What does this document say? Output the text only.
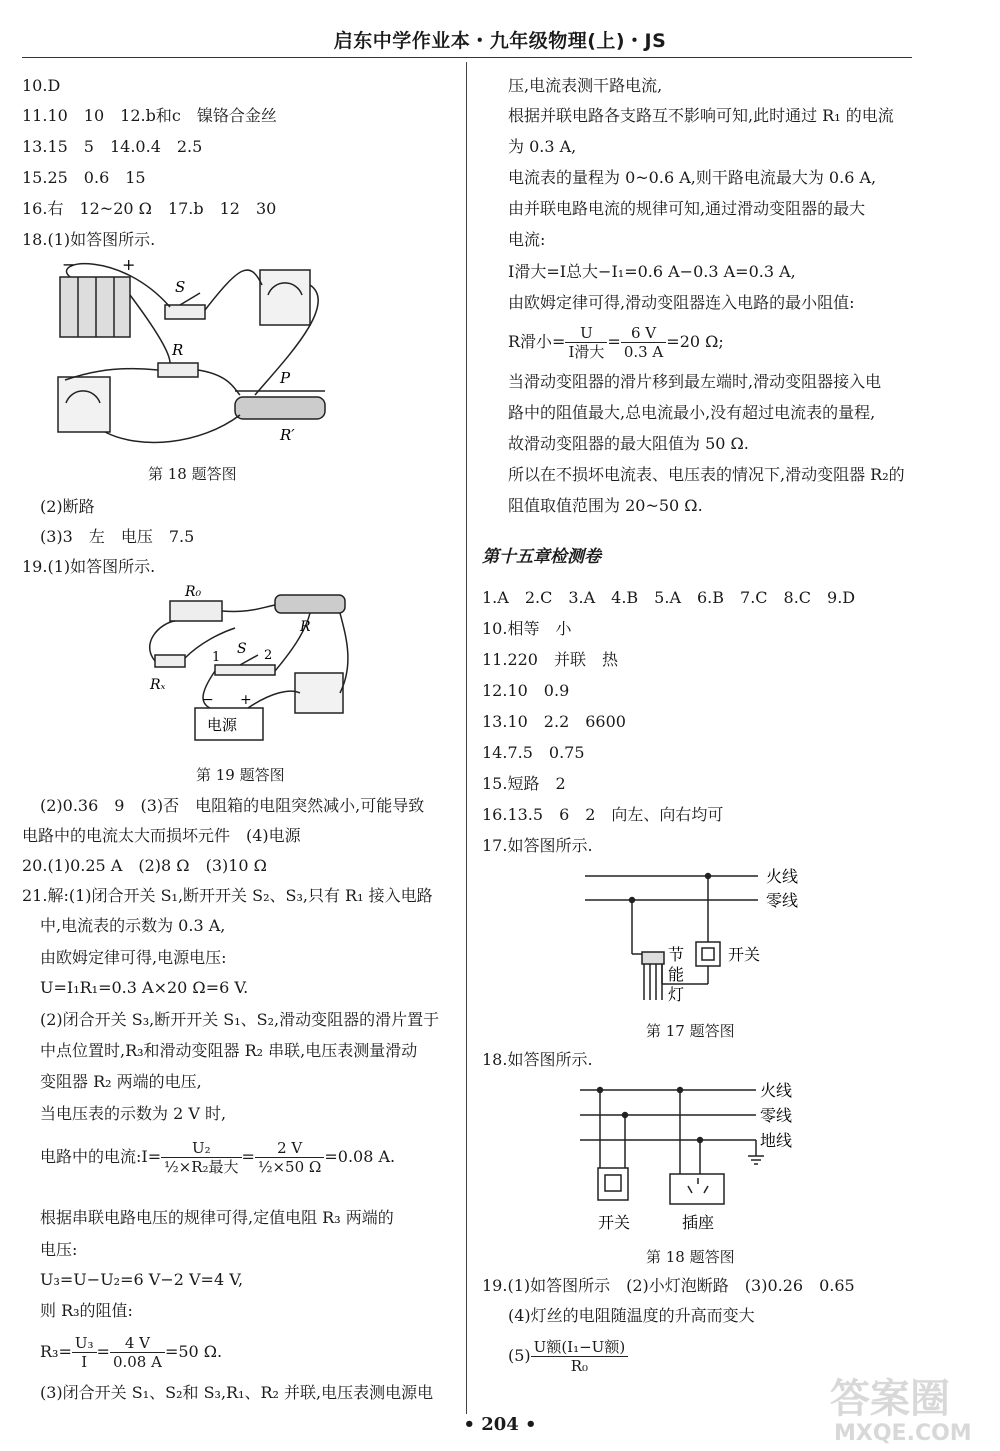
启东中学作业本・九年级物理(上)・JS
10.D
11.10　10　12.b和c　镍铬合金丝
13.15　5　14.0.4　2.5
15.25　0.6　15
16.右　12~20 Ω　17.b　12　30
18.(1)如答图所示.
−	+
S
R
P
R′
第 18 题答图
(2)断路
(3)3　左　电压　7.5
19.(1)如答图所示.
R₀
R
S
1	2
Rₓ
− +
电源
第 19 题答图
(2)0.36　9　(3)否　电阻箱的电阻突然减小,可能导致
电路中的电流太大而损坏元件　(4)电源
20.(1)0.25 A　(2)8 Ω　(3)10 Ω
21.解:(1)闭合开关 S₁,断开开关 S₂、S₃,只有 R₁ 接入电路
中,电流表的示数为 0.3 A,
由欧姆定律可得,电源电压:
U=I₁R₁=0.3 A×20 Ω=6 V.
(2)闭合开关 S₃,断开开关 S₁、S₂,滑动变阻器的滑片置于
中点位置时,R₃和滑动变阻器 R₂ 串联,电压表测量滑动
变阻器 R₂ 两端的电压,
当电压表的示数为 2 V 时,
电路中的电流:I= $\frac{\text{U₂}}{\text{½×R₂最大}} = \frac{2 V}{\text{½×50 Ω}} =0.08$ A.
根据串联电路电压的规律可得,定值电阻 R₃ 两端的
电压:
U₃=U−U₂=6 V−2 V=4 V,
则 R₃的阻值:
$R_3= \frac{\text{U₃}}{I} = \frac{4 V}{0.08 A} =50$ Ω.
(3)闭合开关 S₁、S₂和 S₃,R₁、R₂ 并联,电压表测电源电
压,电流表测干路电流,
根据并联电路各支路互不影响可知,此时通过 R₁ 的电流
为 0.3 A,
电流表的量程为 0~0.6 A,则干路电流最大为 0.6 A,
由并联电路电流的规律可知,通过滑动变阻器的最大
电流:
I滑大=I总大−I₁=0.6 A−0.3 A=0.3 A,
由欧姆定律可得,滑动变阻器连入电路的最小阻值:
R滑小= $\frac{U}{\text{I滑大}} = \frac{6 V}{0.3 A} =20$ Ω;
当滑动变阻器的滑片移到最左端时,滑动变阻器接入电
路中的阻值最大,总电流最小,没有超过电流表的量程,
故滑动变阻器的最大阻值为 50 Ω.
所以在不损坏电流表、电压表的情况下,滑动变阻器 R₂的
阻值取值范围为 20~50 Ω.
第十五章检测卷
1.A　2.C　3.A　4.B　5.A　6.B　7.C　8.C　9.D
10.相等　小
11.220　并联　热
12.10　0.9
13.10　2.2　6600
14.7.5　0.75
15.短路　2
16.13.5　6　2　向左、向右均可
17.如答图所示.
火线
零线
开关
节
能
灯
第 17 题答图
18.如答图所示.
火线
零线
地线
开关	插座
第 18 题答图
19.(1)如答图所示　(2)小灯泡断路　(3)0.26　0.65
(4)灯丝的电阻随温度的升高而变大
$(5) \frac{\text{U额(I₁−U额)}}{\text{R₀}}$
• 204 •
答案圈
MXQE.COM
